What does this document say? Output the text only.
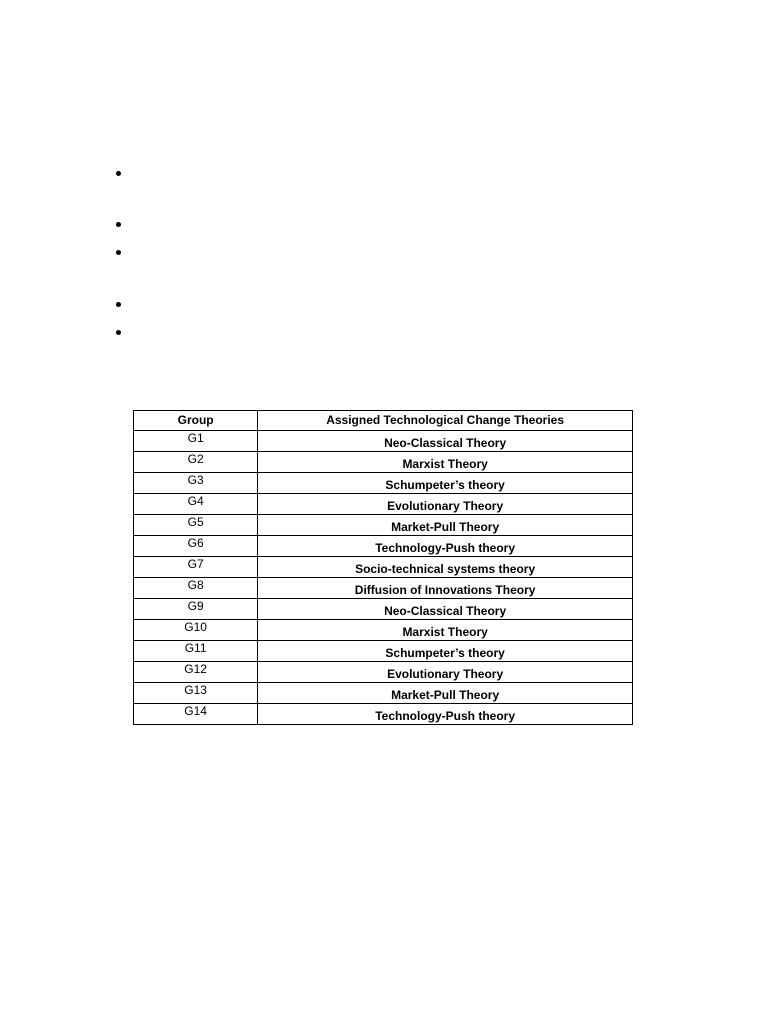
Group	Assigned Technological Change Theories
G1	Neo-Classical Theory
G2	Marxist Theory
G3	Schumpeter’s theory
G4	Evolutionary Theory
G5	Market-Pull Theory
G6	Technology-Push theory
G7	Socio-technical systems theory
G8	Diffusion of Innovations Theory
G9	Neo-Classical Theory
G10	Marxist Theory
G11	Schumpeter’s theory
G12	Evolutionary Theory
G13	Market-Pull Theory
G14	Technology-Push theory
